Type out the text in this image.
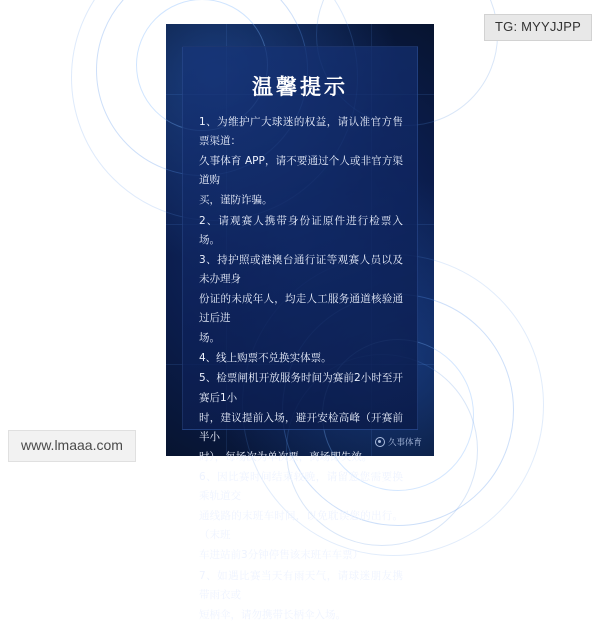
温馨提示

1、为维护广大球迷的权益，请认准官方售票渠道：

久事体育 APP，请不要通过个人或非官方渠道购

买，谨防诈骗。

2、请观赛人携带身份证原件进行检票入场。

3、持护照或港澳台通行证等观赛人员以及未办理身

份证的未成年人，均走人工服务通道核验通过后进

场。

4、线上购票不兑换实体票。

5、检票闸机开放服务时间为赛前2小时至开赛后1小

时，建议提前入场，避开安检高峰（开赛前半小

时），每场次为单次票，离场即失效。

6、因比赛时间结束较晚，请留意您需要换乘轨道交

通线路的末班车时间，以免耽误您的出行。（末班

车进站前3分钟停售该末班车车票）

7、如遇比赛当天有雨天气，请球迷朋友携带雨衣或

短柄伞，请勿携带长柄伞入场。

久事体育
TG: MYYJJPP
www.lmaaa.com
